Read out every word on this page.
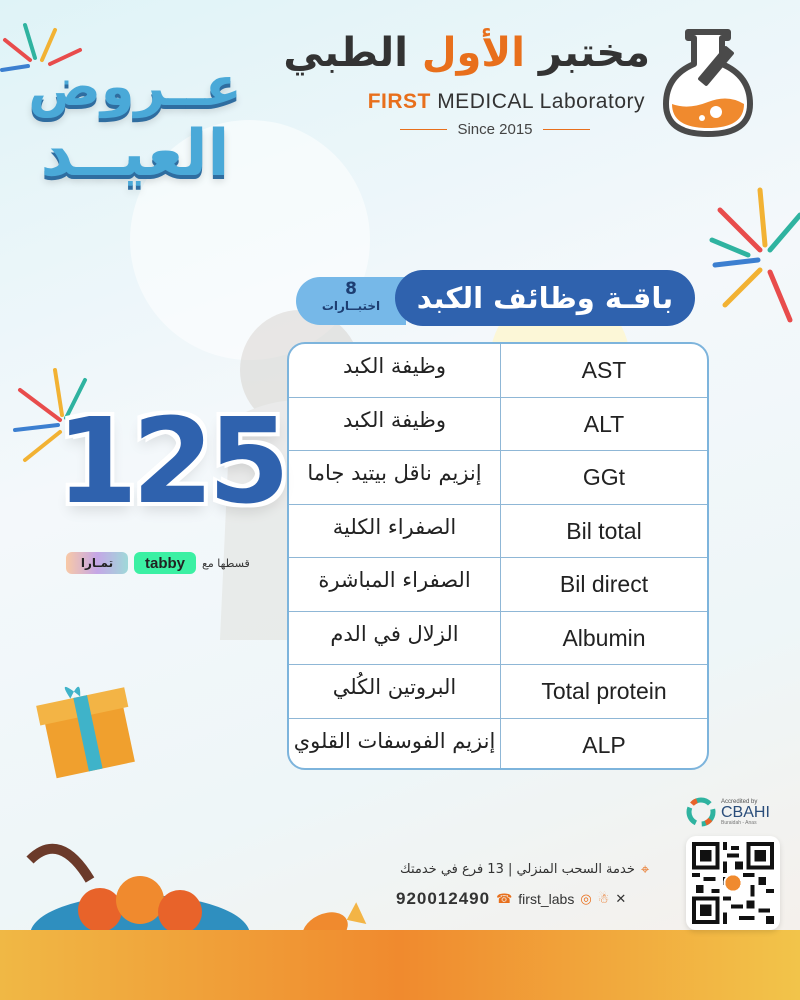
مختبر الأول الطبي
FIRST MEDICAL Laboratory
Since 2015
عــروض
العيــد
8
اختبــارات	باقـة وظائف الكبد
وظيفة الكبد	AST
وظيفة الكبد	ALT
إنزيم ناقل بيتيد جاما	GGt
الصفراء الكلية	Bil total
الصفراء المباشرة	Bil direct
الزلال في الدم	Albumin
البروتين الكُلي	Total protein
إنزيم الفوسفات القلوي	ALP
125
تمـارا	tabby	قسطها مع
Accredited by
CBAHI
Buraidah - Anas
⌖
خدمة السحب المنزلي | 13 فرع في خدمتك
920012490 ☎ first_labs ◎ ☃ ✕
